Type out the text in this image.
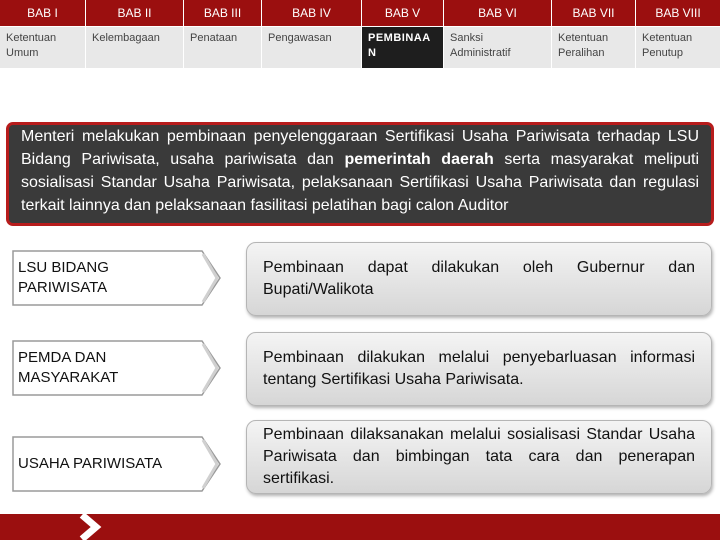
BAB I
Ketentuan Umum
BAB II
Kelembagaan
BAB III
Penataan
BAB IV
Pengawasan
BAB V
PEMBINAAN
BAB VI
Sanksi Administratif
BAB VII
Ketentuan Peralihan
BAB VIII
Ketentuan Penutup
Menteri melakukan pembinaan penyelenggaraan Sertifikasi Usaha Pariwisata terhadap LSU Bidang Pariwisata, usaha pariwisata dan pemerintah daerah serta masyarakat meliputi sosialisasi Standar Usaha Pariwisata, pelaksanaan Sertifikasi Usaha Pariwisata dan regulasi terkait lainnya dan pelaksanaan fasilitasi pelatihan bagi calon Auditor
LSU BIDANG PARIWISATA
Pembinaan dapat dilakukan oleh Gubernur dan Bupati/Walikota
PEMDA DAN MASYARAKAT
Pembinaan dilakukan melalui penyebarluasan informasi tentang Sertifikasi Usaha Pariwisata.
USAHA PARIWISATA
Pembinaan dilaksanakan melalui sosialisasi Standar Usaha Pariwisata dan bimbingan tata cara dan penerapan sertifikasi.
